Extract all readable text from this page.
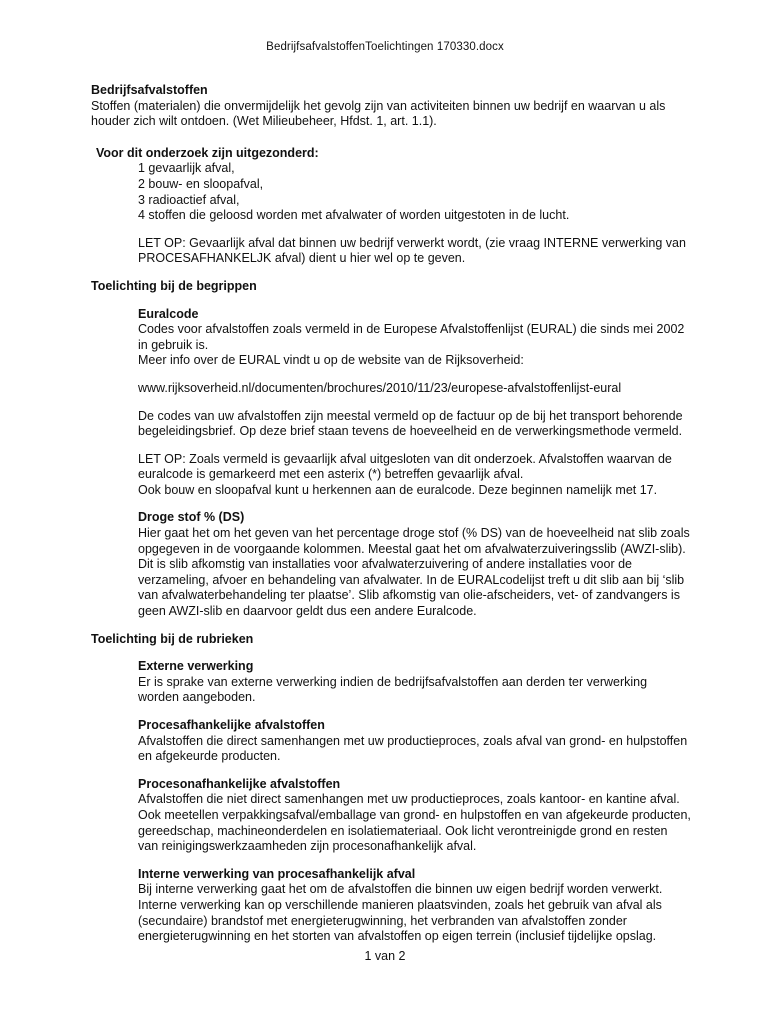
BedrijfsafvalstoffenToelichtingen 170330.docx

Bedrijfsafvalstoffen

Stoffen (materialen) die onvermijdelijk het gevolg zijn van activiteiten binnen uw bedrijf en waarvan u als houder zich wilt ontdoen. (Wet Milieubeheer, Hfdst. 1, art. 1.1).

Voor dit onderzoek zijn uitgezonderd:

1 gevaarlijk afval,
2 bouw- en sloopafval,
3 radioactief afval,
4 stoffen die geloosd worden met afvalwater of worden uitgestoten in de lucht.

LET OP: Gevaarlijk afval dat binnen uw bedrijf verwerkt wordt, (zie vraag INTERNE verwerking van PROCESAFHANKELJK afval) dient u hier wel op te geven.

Toelichting bij de begrippen

Euralcode

Codes voor afvalstoffen zoals vermeld in de Europese Afvalstoffenlijst (EURAL) die sinds mei 2002 in gebruik is.

Meer info over de EURAL vindt u op de website van de Rijksoverheid:

www.rijksoverheid.nl/documenten/brochures/2010/11/23/europese-afvalstoffenlijst-eural

De codes van uw afvalstoffen zijn meestal vermeld op de factuur op de bij het transport behorende begeleidingsbrief. Op deze brief staan tevens de hoeveelheid en de verwerkingsmethode vermeld.

LET OP: Zoals vermeld is gevaarlijk afval uitgesloten van dit onderzoek. Afvalstoffen waarvan de euralcode is gemarkeerd met een asterix (*) betreffen gevaarlijk afval.

Ook bouw en sloopafval kunt u herkennen aan de euralcode. Deze beginnen namelijk met 17.

Droge stof % (DS)

Hier gaat het om het geven van het percentage droge stof (% DS) van de hoeveelheid nat slib zoals opgegeven in de voorgaande kolommen. Meestal gaat het om afvalwaterzuiveringsslib (AWZI-slib). Dit is slib afkomstig van installaties voor afvalwaterzuivering of andere installaties voor de verzameling, afvoer en behandeling van afvalwater. In de EURALcodelijst treft u dit slib aan bij ‘slib van afvalwaterbehandeling ter plaatse’. Slib afkomstig van olie-afscheiders, vet- of zandvangers is geen AWZI-slib en daarvoor geldt dus een andere Euralcode.

Toelichting bij de rubrieken

Externe verwerking

Er is sprake van externe verwerking indien de bedrijfsafvalstoffen aan derden ter verwerking worden aangeboden.

Procesafhankelijke afvalstoffen

Afvalstoffen die direct samenhangen met uw productieproces, zoals afval van grond- en hulpstoffen en afgekeurde producten.

Procesonafhankelijke afvalstoffen

Afvalstoffen die niet direct samenhangen met uw productieproces, zoals kantoor- en kantine afval. Ook meetellen verpakkingsafval/emballage van grond- en hulpstoffen en van afgekeurde producten, gereedschap, machineonderdelen en isolatiemateriaal. Ook licht verontreinigde grond en resten van reinigingswerkzaamheden zijn procesonafhankelijk afval.

Interne verwerking van procesafhankelijk afval

Bij interne verwerking gaat het om de afvalstoffen die binnen uw eigen bedrijf worden verwerkt. Interne verwerking kan op verschillende manieren plaatsvinden, zoals het gebruik van afval als (secundaire) brandstof met energieterugwinning, het verbranden van afvalstoffen zonder energieterugwinning en het storten van afvalstoffen op eigen terrein (inclusief tijdelijke opslag.

1 van 2
